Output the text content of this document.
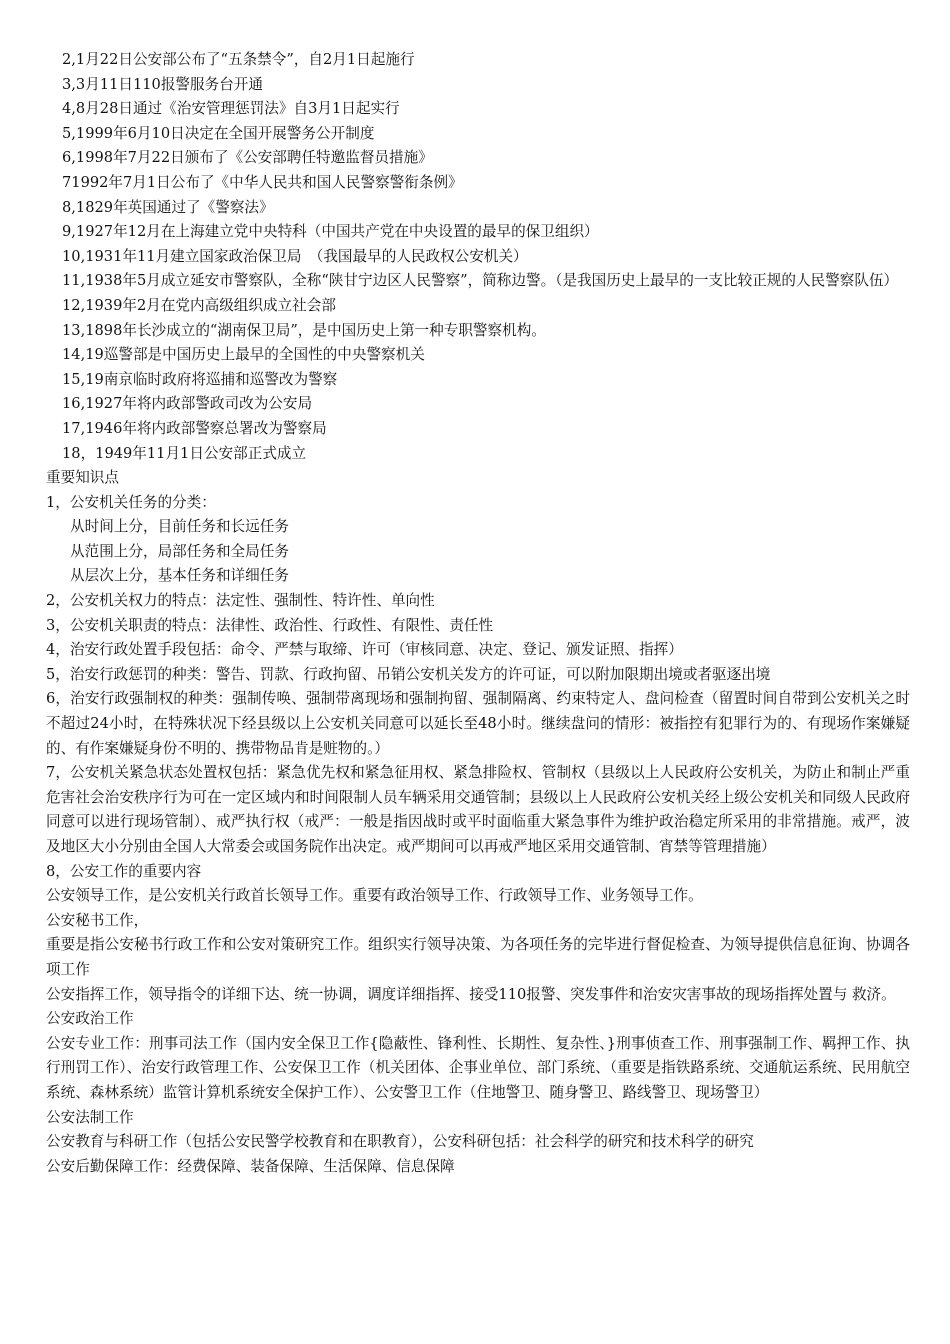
2,1月22日公安部公布了“五条禁令”，自2月1日起施行
3,3月11日110报警服务台开通
4,8月28日通过《治安管理惩罚法》自3月1日起实行
5,1999年6月10日决定在全国开展警务公开制度
6,1998年7月22日颁布了《公安部聘任特邀监督员措施》
71992年7月1日公布了《中华人民共和国人民警察警衔条例》
8,1829年英国通过了《警察法》
9,1927年12月在上海建立党中央特科（中国共产党在中央设置的最早的保卫组织）
10,1931年11月建立国家政治保卫局　（我国最早的人民政权公安机关）
11,1938年5月成立延安市警察队，全称“陕甘宁边区人民警察”，简称边警。（是我国历史上最早的一支比较正规的人民警察队伍）
12,1939年2月在党内高级组织成立社会部
13,1898年长沙成立的“湖南保卫局”，是中国历史上第一种专职警察机构。
14,19巡警部是中国历史上最早的全国性的中央警察机关
15,19南京临时政府将巡捕和巡警改为警察
16,1927年将内政部警政司改为公安局
17,1946年将内政部警察总署改为警察局
18，1949年11月1日公安部正式成立
重要知识点
1，公安机关任务的分类：
从时间上分，目前任务和长远任务
从范围上分，局部任务和全局任务
从层次上分，基本任务和详细任务
2，公安机关权力的特点：法定性、强制性、特许性、单向性
3，公安机关职责的特点：法律性、政治性、行政性、有限性、责任性
4，治安行政处置手段包括：命令、严禁与取缔、许可（审核同意、决定、登记、颁发证照、指挥）
5，治安行政惩罚的种类：警告、罚款、行政拘留、吊销公安机关发方的许可证，可以附加限期出境或者驱逐出境
6，治安行政强制权的种类：强制传唤、强制带离现场和强制拘留、强制隔离、约束特定人、盘问检查（留置时间自带到公安机关之时不超过24小时，在特殊状况下经县级以上公安机关同意可以延长至48小时。继续盘问的情形：被指控有犯罪行为的、有现场作案嫌疑的、有作案嫌疑身份不明的、携带物品肯是赃物的。）
7，公安机关紧急状态处置权包括：紧急优先权和紧急征用权、紧急排险权、管制权（县级以上人民政府公安机关，为防止和制止严重危害社会治安秩序行为可在一定区域内和时间限制人员车辆采用交通管制；县级以上人民政府公安机关经上级公安机关和同级人民政府同意可以进行现场管制）、戒严执行权（戒严：一般是指因战时或平时面临重大紧急事件为维护政治稳定所采用的非常措施。戒严，波及地区大小分别由全国人大常委会或国务院作出决定。戒严期间可以再戒严地区采用交通管制、宵禁等管理措施）
8，公安工作的重要内容
公安领导工作，是公安机关行政首长领导工作。重要有政治领导工作、行政领导工作、业务领导工作。
公安秘书工作，
重要是指公安秘书行政工作和公安对策研究工作。组织实行领导决策、为各项任务的完毕进行督促检查、为领导提供信息征询、协调各项工作
公安指挥工作，领导指令的详细下达、统一协调，调度详细指挥、接受110报警、突发事件和治安灾害事故的现场指挥处置与 救济。
公安政治工作
公安专业工作：刑事司法工作（国内安全保卫工作{隐蔽性、锋利性、长期性、复杂性、}刑事侦查工作、刑事强制工作、羁押工作、执行刑罚工作）、治安行政管理工作、公安保卫工作（机关团体、企事业单位、部门系统、（重要是指铁路系统、交通航运系统、民用航空系统、森林系统）监管计算机系统安全保护工作）、公安警卫工作（住地警卫、随身警卫、路线警卫、现场警卫）
公安法制工作
公安教育与科研工作（包括公安民警学校教育和在职教育），公安科研包括：社会科学的研究和技术科学的研究
公安后勤保障工作：经费保障、装备保障、生活保障、信息保障
